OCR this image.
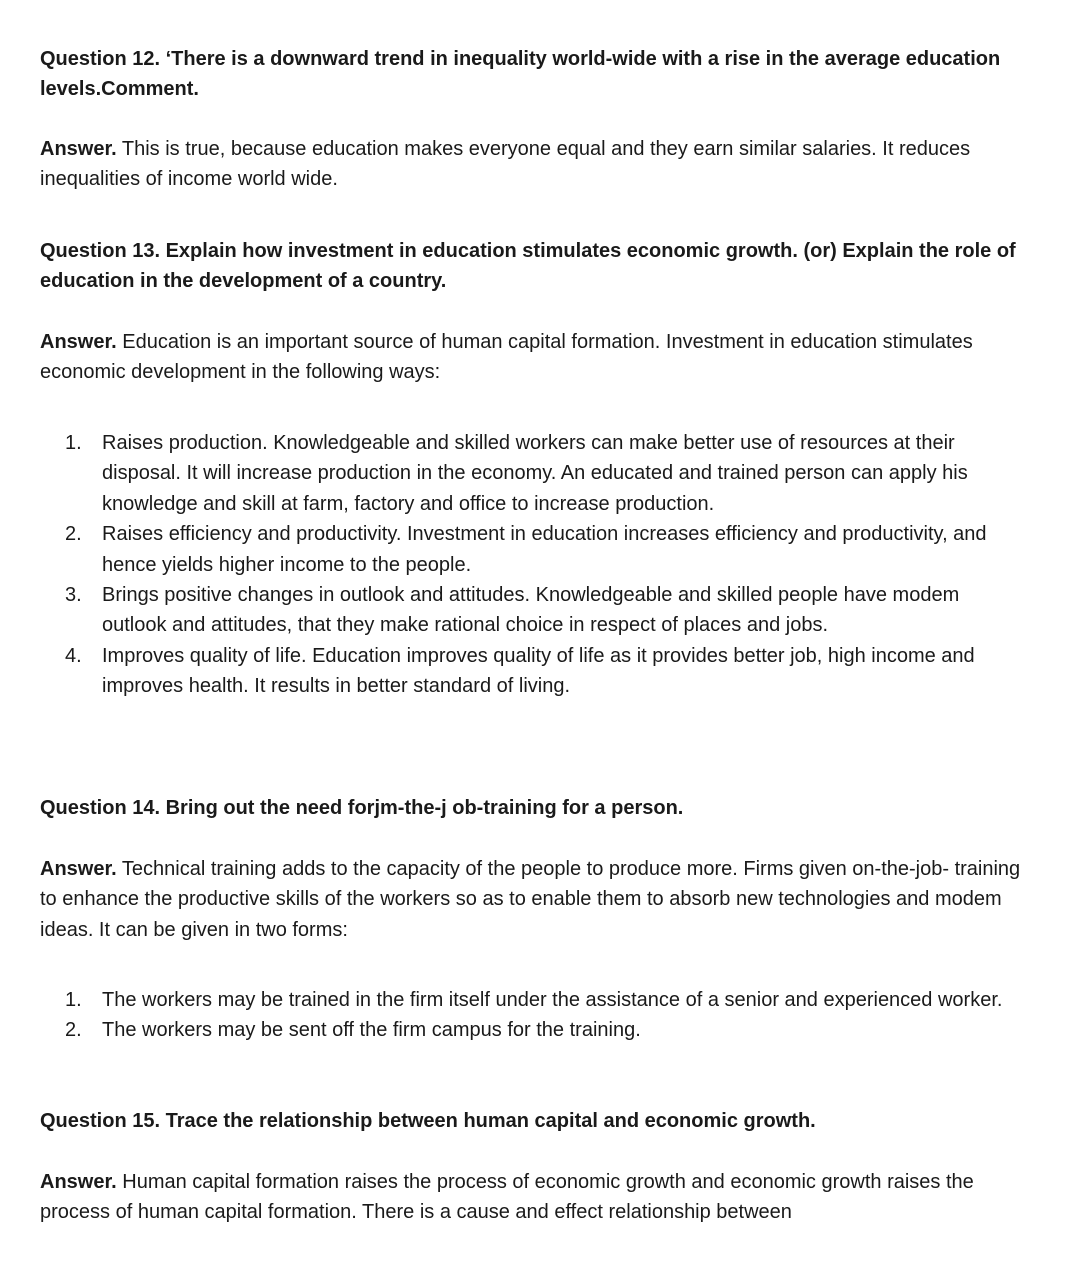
Question 12. ‘There is a downward trend in inequality world-wide with a rise in the average education levels.Comment.

Answer. This is true, because education makes everyone equal and they earn similar salaries. It reduces inequalities of income world wide.

Question 13. Explain how investment in education stimulates economic growth. (or) Explain the role of education in the development of a country.

Answer. Education is an important source of human capital formation. Investment in education stimulates economic development in the following ways:

1. Raises production. Knowledgeable and skilled workers can make better use of resources at their disposal. It will increase production in the economy. An educated and trained person can apply his knowledge and skill at farm, factory and office to increase production.
2. Raises efficiency and productivity. Investment in education increases efficiency and productivity, and hence yields higher income to the people.
3. Brings positive changes in outlook and attitudes. Knowledgeable and skilled people have modem outlook and attitudes, that they make rational choice in respect of places and jobs.
4. Improves quality of life. Education improves quality of life as it provides better job, high income and improves health. It results in better standard of living.

Question 14. Bring out the need forjm-the-j ob-training for a person.

Answer. Technical training adds to the capacity of the people to produce more. Firms given on-the-job- training to enhance the productive skills of the workers so as to enable them to absorb new technologies and modem ideas. It can be given in two forms:

1. The workers may be trained in the firm itself under the assistance of a senior and experienced worker.
2. The workers may be sent off the firm campus for the training.

Question 15. Trace the relationship between human capital and economic growth.

Answer. Human capital formation raises the process of economic growth and economic growth raises the process of human capital formation. There is a cause and effect relationship between
